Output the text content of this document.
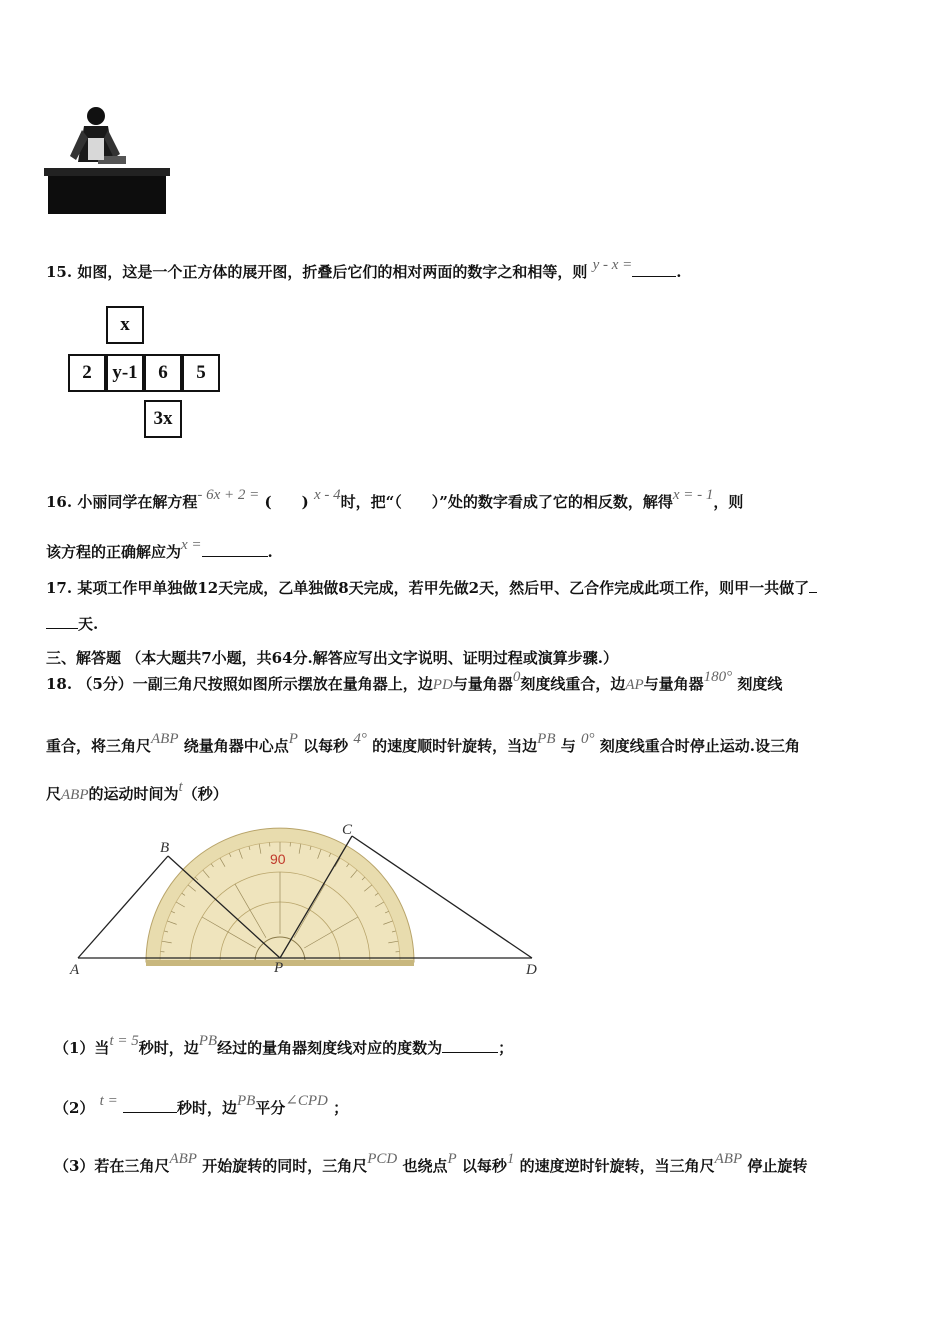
15. 如图，这是一个正方体的展开图，折叠后它们的相对两面的数字之和相等，则 y - x =	.
x
2	y-1	6	5
3x
16. 小丽同学在解方程- 6x + 2 = (　　) x - 4时，把“（　　）”处的数字看成了它的相反数，解得x = - 1，则
该方程的正确解应为x =	.
17. 某项工作甲单独做12天完成，乙单独做8天完成，若甲先做2天，然后甲、乙合作完成此项工作，则甲一共做了
天.
三、解答题 （本大题共7小题，共64分.解答应写出文字说明、证明过程或演算步骤.）
18. （5分）一副三角尺按照如图所示摆放在量角器上，边PD与量角器0刻度线重合，边AP与量角器180° 刻度线
重合，将三角尺ABP 绕量角器中心点P 以每秒 4° 的速度顺时针旋转，当边PB 与 0° 刻度线重合时停止运动.设三角
尺ABP的运动时间为t（秒）
90
A
B
C
D
P
（1）当t = 5秒时，边PB经过的量角器刻度线对应的度数为	；
（2） t =	秒时，边PB平分∠CPD ；
（3）若在三角尺ABP 开始旋转的同时，三角尺PCD 也绕点P 以每秒1 的速度逆时针旋转，当三角尺ABP 停止旋转
